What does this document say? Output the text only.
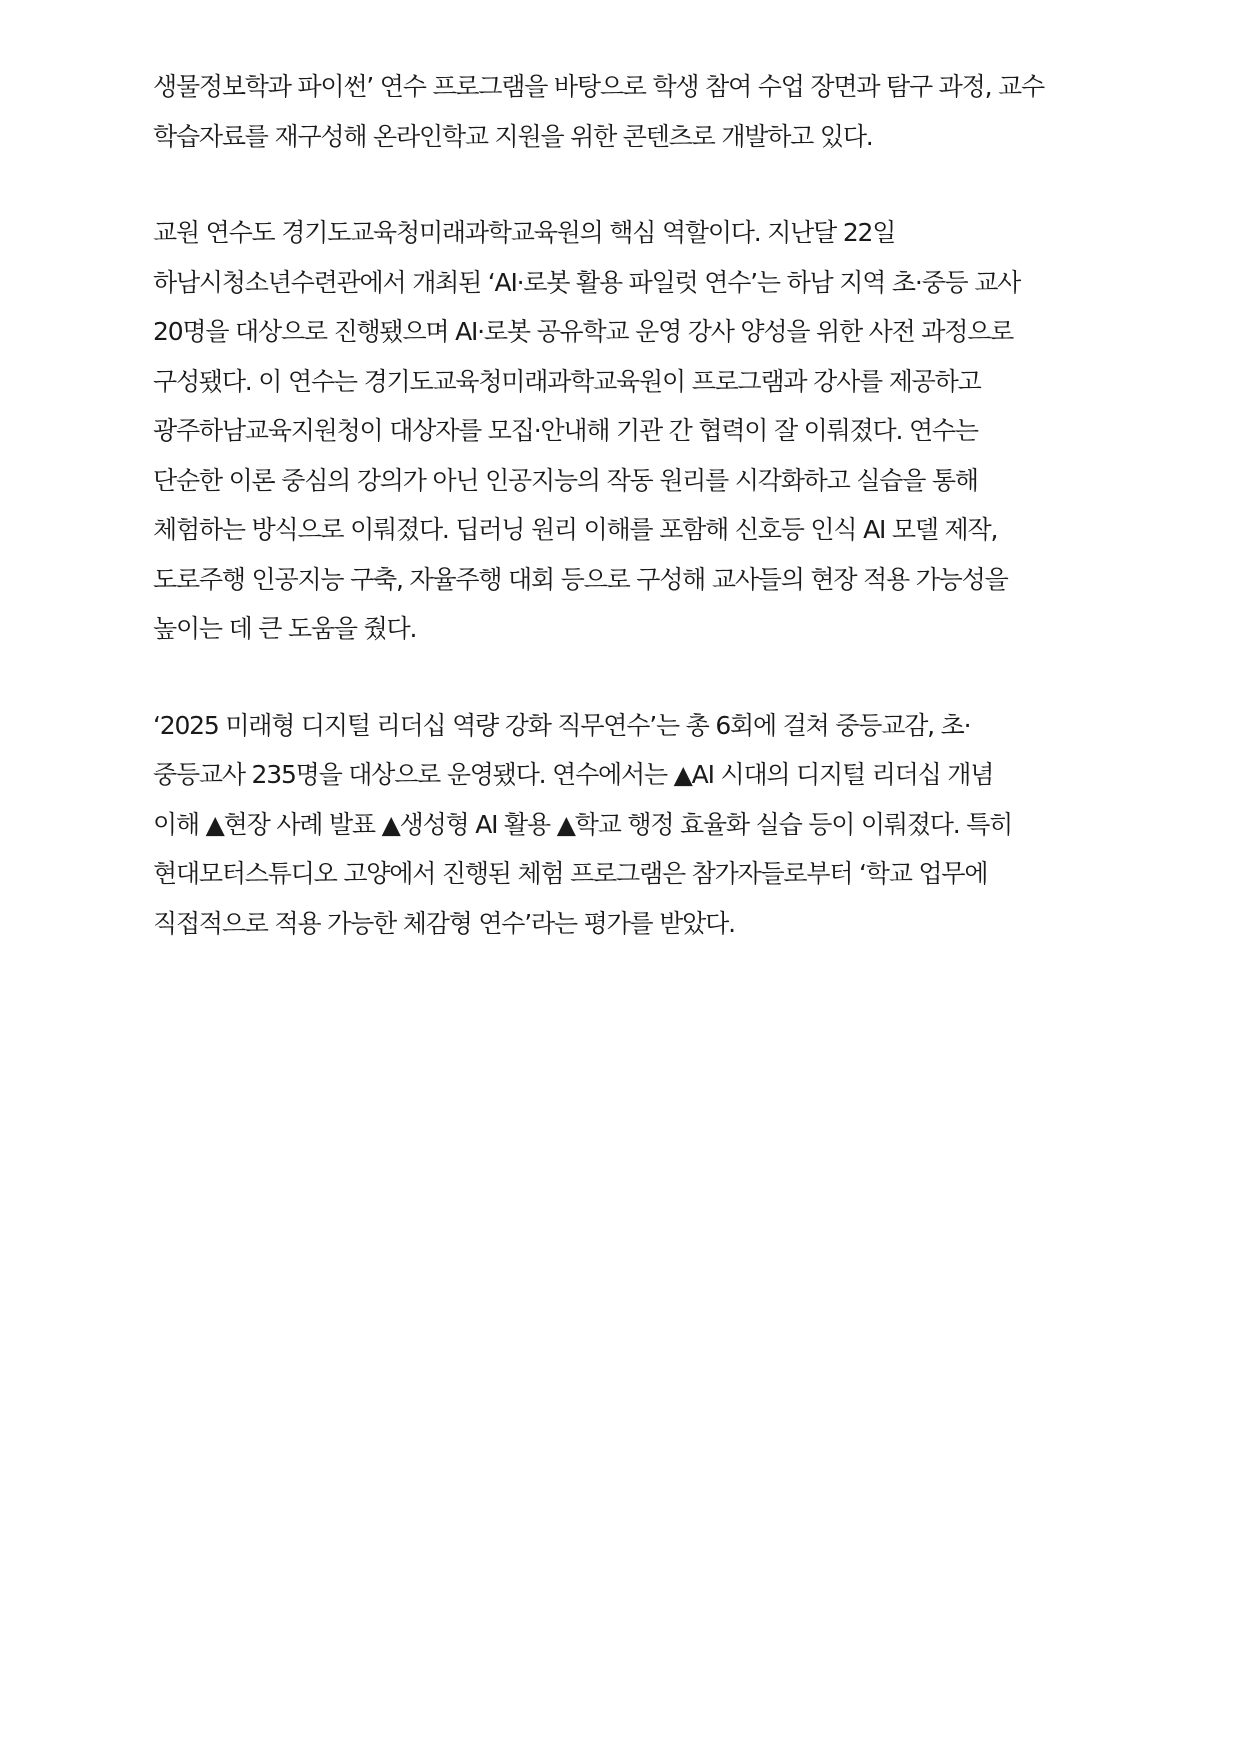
생물정보학과 파이썬’ 연수 프로그램을 바탕으로 학생 참여 수업 장면과 탐구 과정, 교수
학습자료를 재구성해 온라인학교 지원을 위한 콘텐츠로 개발하고 있다.

교원 연수도 경기도교육청미래과학교육원의 핵심 역할이다. 지난달 22일
하남시청소년수련관에서 개최된 ‘AI·로봇 활용 파일럿 연수’는 하남 지역 초·중등 교사
20명을 대상으로 진행됐으며 AI·로봇 공유학교 운영 강사 양성을 위한 사전 과정으로
구성됐다. 이 연수는 경기도교육청미래과학교육원이 프로그램과 강사를 제공하고
광주하남교육지원청이 대상자를 모집·안내해 기관 간 협력이 잘 이뤄졌다. 연수는
단순한 이론 중심의 강의가 아닌 인공지능의 작동 원리를 시각화하고 실습을 통해
체험하는 방식으로 이뤄졌다. 딥러닝 원리 이해를 포함해 신호등 인식 AI 모델 제작,
도로주행 인공지능 구축, 자율주행 대회 등으로 구성해 교사들의 현장 적용 가능성을
높이는 데 큰 도움을 줬다.

‘2025 미래형 디지털 리더십 역량 강화 직무연수’는 총 6회에 걸쳐 중등교감, 초·
중등교사 235명을 대상으로 운영됐다. 연수에서는 ▲AI 시대의 디지털 리더십 개념
이해 ▲현장 사례 발표 ▲생성형 AI 활용 ▲학교 행정 효율화 실습 등이 이뤄졌다. 특히
현대모터스튜디오 고양에서 진행된 체험 프로그램은 참가자들로부터 ‘학교 업무에
직접적으로 적용 가능한 체감형 연수’라는 평가를 받았다.
